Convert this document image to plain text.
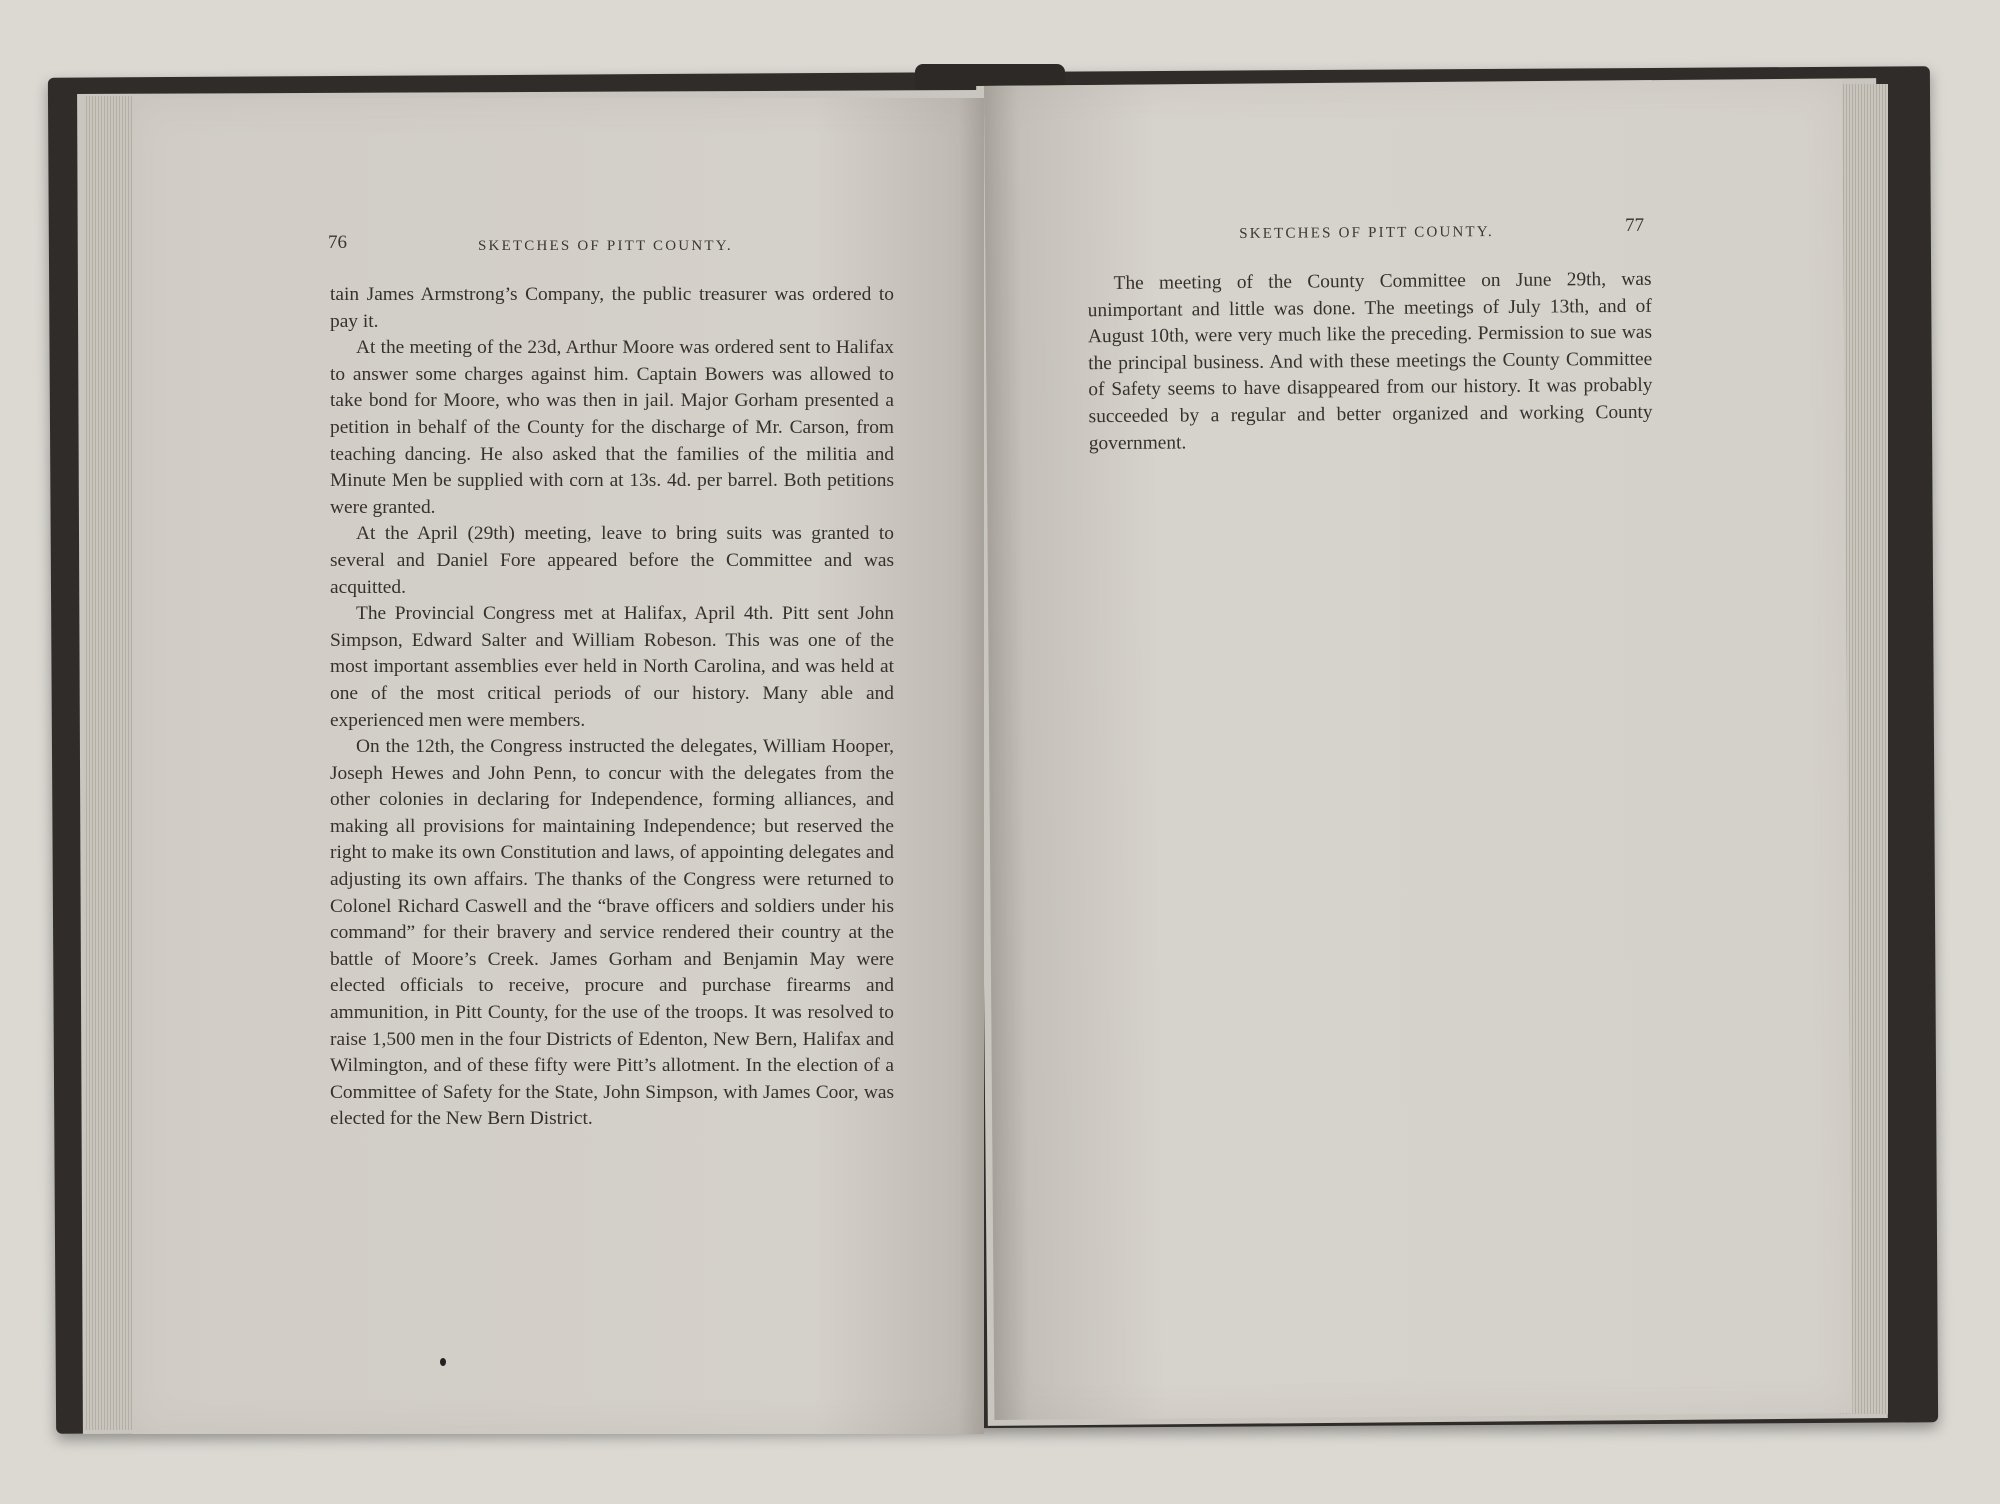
76	SKETCHES OF PITT COUNTY.

tain James Armstrong’s Company, the public treasurer was ordered to pay it.

At the meeting of the 23d, Arthur Moore was ordered sent to Halifax to answer some charges against him. Captain Bowers was allowed to take bond for Moore, who was then in jail. Major Gorham presented a petition in behalf of the County for the discharge of Mr. Carson, from teaching dancing. He also asked that the families of the militia and Minute Men be supplied with corn at 13s. 4d. per barrel. Both petitions were granted.

At the April (29th) meeting, leave to bring suits was granted to several and Daniel Fore appeared before the Committee and was acquitted.

The Provincial Congress met at Halifax, April 4th. Pitt sent John Simpson, Edward Salter and William Robeson. This was one of the most important assemblies ever held in North Carolina, and was held at one of the most critical periods of our history. Many able and experienced men were members.

On the 12th, the Congress instructed the delegates, William Hooper, Joseph Hewes and John Penn, to concur with the delegates from the other colonies in declaring for Independence, forming alliances, and making all provisions for maintaining Independence; but reserved the right to make its own Constitution and laws, of appointing delegates and adjusting its own affairs. The thanks of the Congress were returned to Colonel Richard Caswell and the “brave officers and soldiers under his command” for their bravery and service rendered their country at the battle of Moore’s Creek. James Gorham and Benjamin May were elected officials to receive, procure and purchase firearms and ammunition, in Pitt County, for the use of the troops. It was resolved to raise 1,500 men in the four Districts of Edenton, New Bern, Halifax and Wilmington, and of these fifty were Pitt’s allotment. In the election of a Committee of Safety for the State, John Simpson, with James Coor, was elected for the New Bern District.

SKETCHES OF PITT COUNTY.	77

The meeting of the County Committee on June 29th, was unimportant and little was done. The meetings of July 13th, and of August 10th, were very much like the preceding. Permission to sue was the principal business. And with these meetings the County Committee of Safety seems to have disappeared from our history. It was probably succeeded by a regular and better organized and working County government.
